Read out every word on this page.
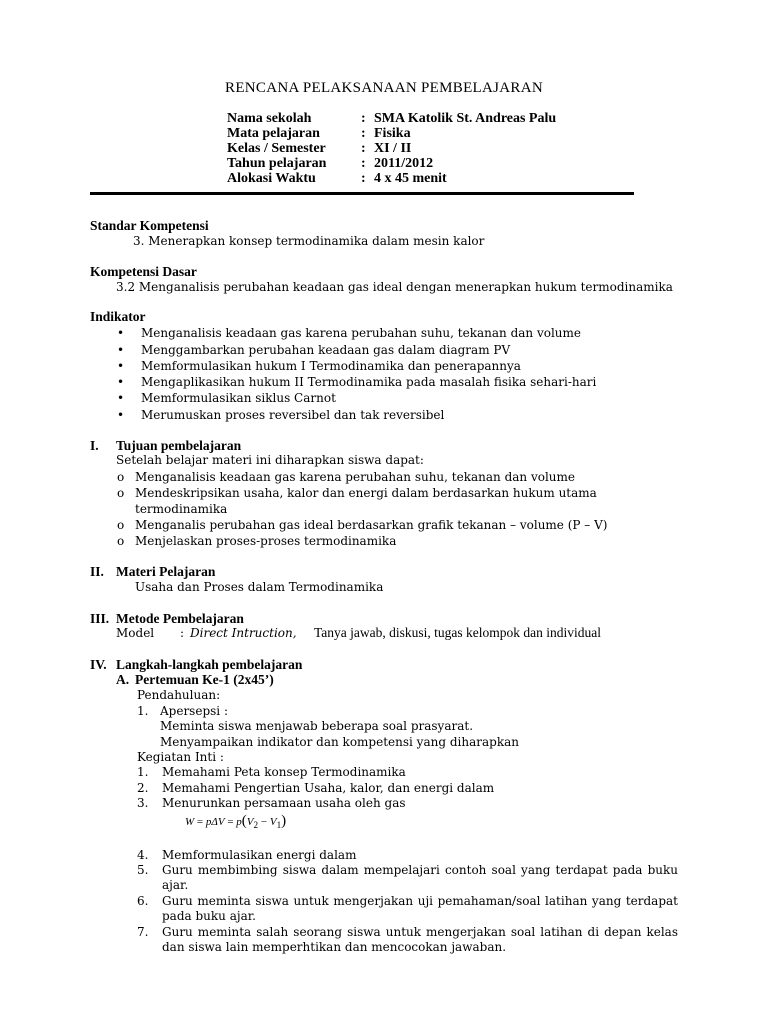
RENCANA PELAKSANAAN PEMBELAJARAN
Nama sekolah	: SMA Katolik St. Andreas Palu
Mata pelajaran	: Fisika
Kelas / Semester	: XI / II
Tahun pelajaran : 2011/2012
Alokasi Waktu	: 4 x 45 menit
Standar Kompetensi
3. Menerapkan konsep termodinamika dalam mesin kalor
Kompetensi Dasar
3.2 Menganalisis perubahan keadaan gas ideal dengan menerapkan hukum termodinamika
Indikator
• Menganalisis keadaan gas karena perubahan suhu, tekanan dan volume
• Menggambarkan perubahan keadaan gas dalam diagram PV
• Memformulasikan hukum I Termodinamika dan penerapannya
• Mengaplikasikan hukum II Termodinamika pada masalah fisika sehari-hari
• Memformulasikan siklus Carnot
• Merumuskan proses reversibel dan tak reversibel
I. Tujuan pembelajaran
Setelah belajar materi ini diharapkan siswa dapat:
o Menganalisis keadaan gas karena perubahan suhu, tekanan dan volume
o Mendeskripsikan usaha, kalor dan energi dalam berdasarkan hukum utama
termodinamika
o Menganalis perubahan gas ideal berdasarkan grafik tekanan – volume (P – V)
o Menjelaskan proses-proses termodinamika
II. Materi Pelajaran
Usaha dan Proses dalam Termodinamika
III. Metode Pembelajaran
Model : Direct Intruction, Tanya jawab, diskusi, tugas kelompok dan individual
IV. Langkah-langkah pembelajaran
A. Pertemuan Ke-1 (2x45’)
Pendahuluan:
1. Apersepsi :
Meminta siswa menjawab beberapa soal prasyarat.
Menyampaikan indikator dan kompetensi yang diharapkan
Kegiatan Inti :
1. Memahami Peta konsep Termodinamika
2. Memahami Pengertian Usaha, kalor, dan energi dalam
3. Menurunkan persamaan usaha oleh gas
$W = p\Delta V = p(V_2 - V_1)$
4. Memformulasikan energi dalam
5. Guru membimbing siswa dalam mempelajari contoh soal yang terdapat pada buku
ajar.
6. Guru meminta siswa untuk mengerjakan uji pemahaman/soal latihan yang terdapat
pada buku ajar.
7. Guru meminta salah seorang siswa untuk mengerjakan soal latihan di depan kelas
dan siswa lain memperhtikan dan mencocokan jawaban.
